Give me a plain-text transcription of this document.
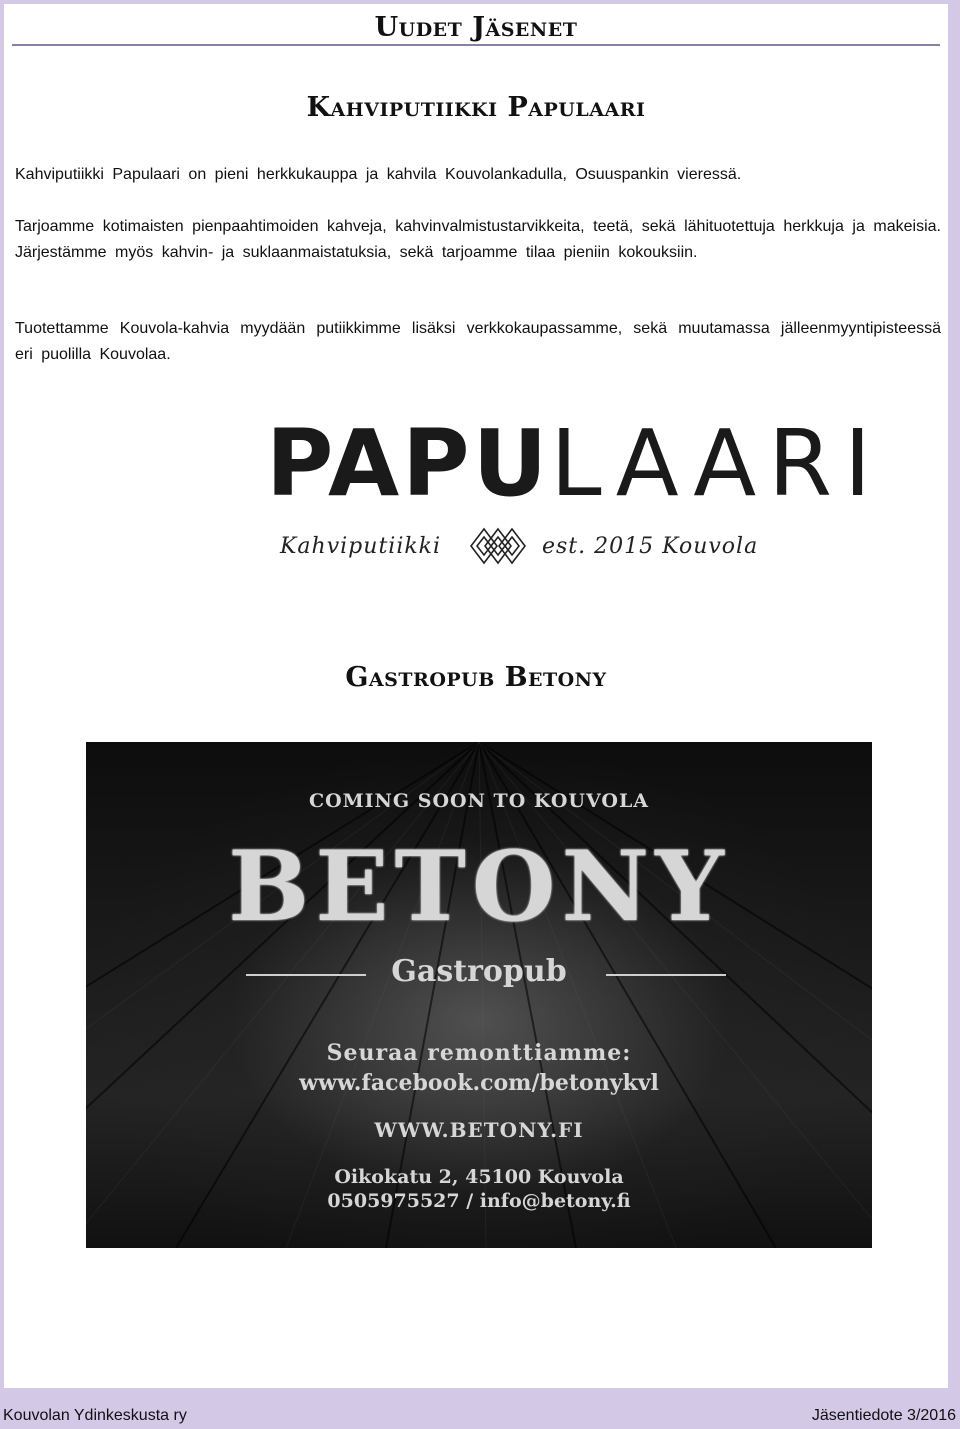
Uudet Jäsenet
Kahviputiikki Papulaari

Kahviputiikki Papulaari on pieni herkkukauppa ja kahvila Kouvolankadulla, Osuuspankin vieressä.

Tarjoamme kotimaisten pienpaahtimoiden kahveja, kahvinvalmistustarvikkeita, teetä, sekä lähituotettuja herkkuja ja makeisia. Järjestämme myös kahvin- ja suklaanmaistatuksia, sekä tarjoamme tilaa pieniin kokouksiin.

Tuotettamme Kouvola-kahvia myydään putiikkimme lisäksi verkkokaupassamme, sekä muutamassa jälleenmyyntipisteessä eri puolilla Kouvolaa.

PAPULAARI
Kahviputiikki	est. 2015 Kouvola
Gastropub Betony

COMING SOON TO KOUVOLA

BETONY

Gastropub

Seuraa remonttiamme:

www.facebook.com/betonykvl

WWW.BETONY.FI

Oikokatu 2, 45100 Kouvola

0505975527 / info@betony.fi

Kouvolan Ydinkeskusta ry	Jäsentiedote 3/2016
